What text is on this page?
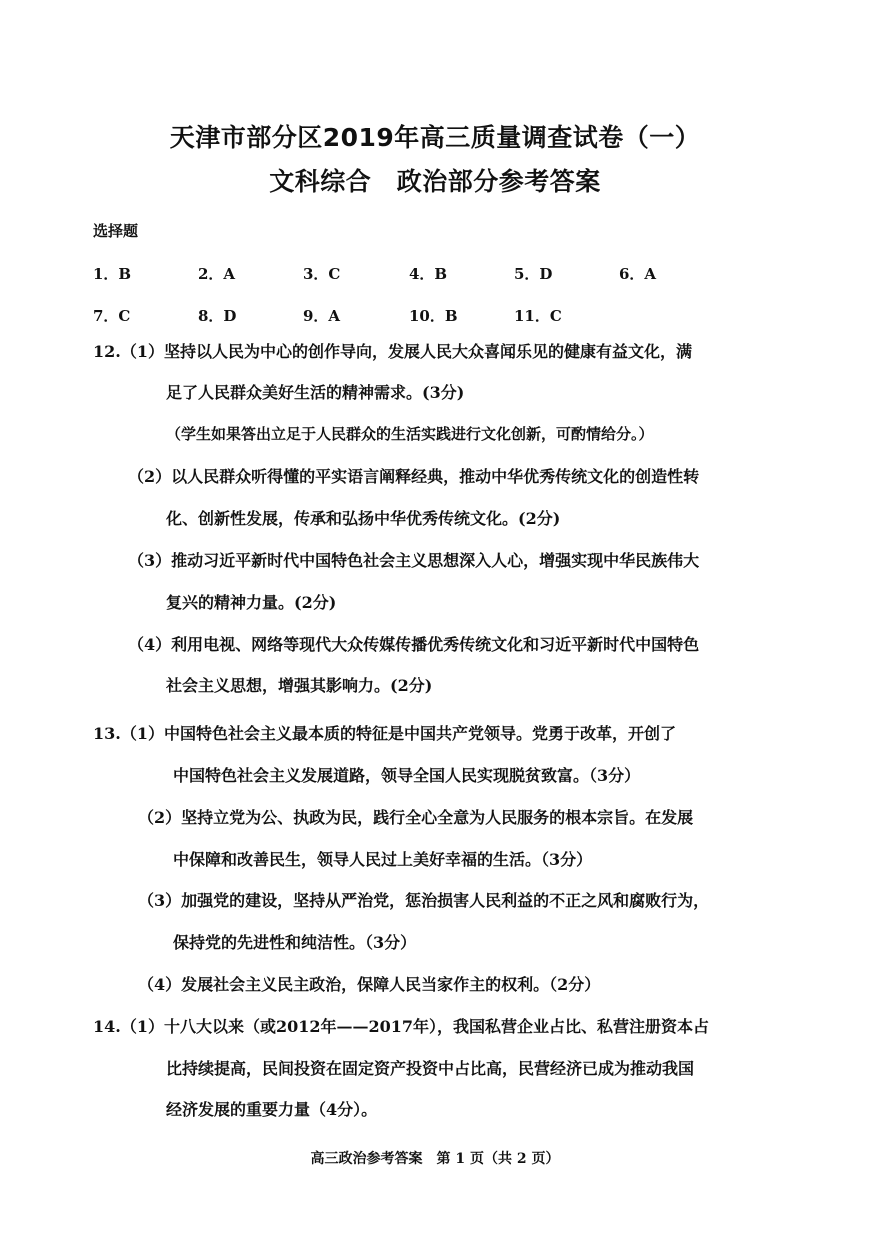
天津市部分区2019年高三质量调查试卷（一）
文科综合　政治部分参考答案
选择题
1．B	2．A	3．C	4．B	5．D	6．A
7．C	8．D	9．A	10．B	11．C
12.（1）坚持以人民为中心的创作导向，发展人民大众喜闻乐见的健康有益文化，满
足了人民群众美好生活的精神需求。(3分)
（学生如果答出立足于人民群众的生活实践进行文化创新，可酌情给分。）
（2）以人民群众听得懂的平实语言阐释经典，推动中华优秀传统文化的创造性转
化、创新性发展，传承和弘扬中华优秀传统文化。(2分)
（3）推动习近平新时代中国特色社会主义思想深入人心，增强实现中华民族伟大
复兴的精神力量。(2分)
（4）利用电视、网络等现代大众传媒传播优秀传统文化和习近平新时代中国特色
社会主义思想，增强其影响力。(2分)
13.（1）中国特色社会主义最本质的特征是中国共产党领导。党勇于改革，开创了
中国特色社会主义发展道路，领导全国人民实现脱贫致富。（3分）
（2）坚持立党为公、执政为民，践行全心全意为人民服务的根本宗旨。在发展
中保障和改善民生，领导人民过上美好幸福的生活。（3分）
（3）加强党的建设，坚持从严治党，惩治损害人民利益的不正之风和腐败行为，
保持党的先进性和纯洁性。（3分）
（4）发展社会主义民主政治，保障人民当家作主的权利。（2分）
14.（1）十八大以来（或2012年——2017年），我国私营企业占比、私营注册资本占
比持续提高，民间投资在固定资产投资中占比高，民营经济已成为推动我国
经济发展的重要力量（4分）。
高三政治参考答案　第 1 页（共 2 页）
